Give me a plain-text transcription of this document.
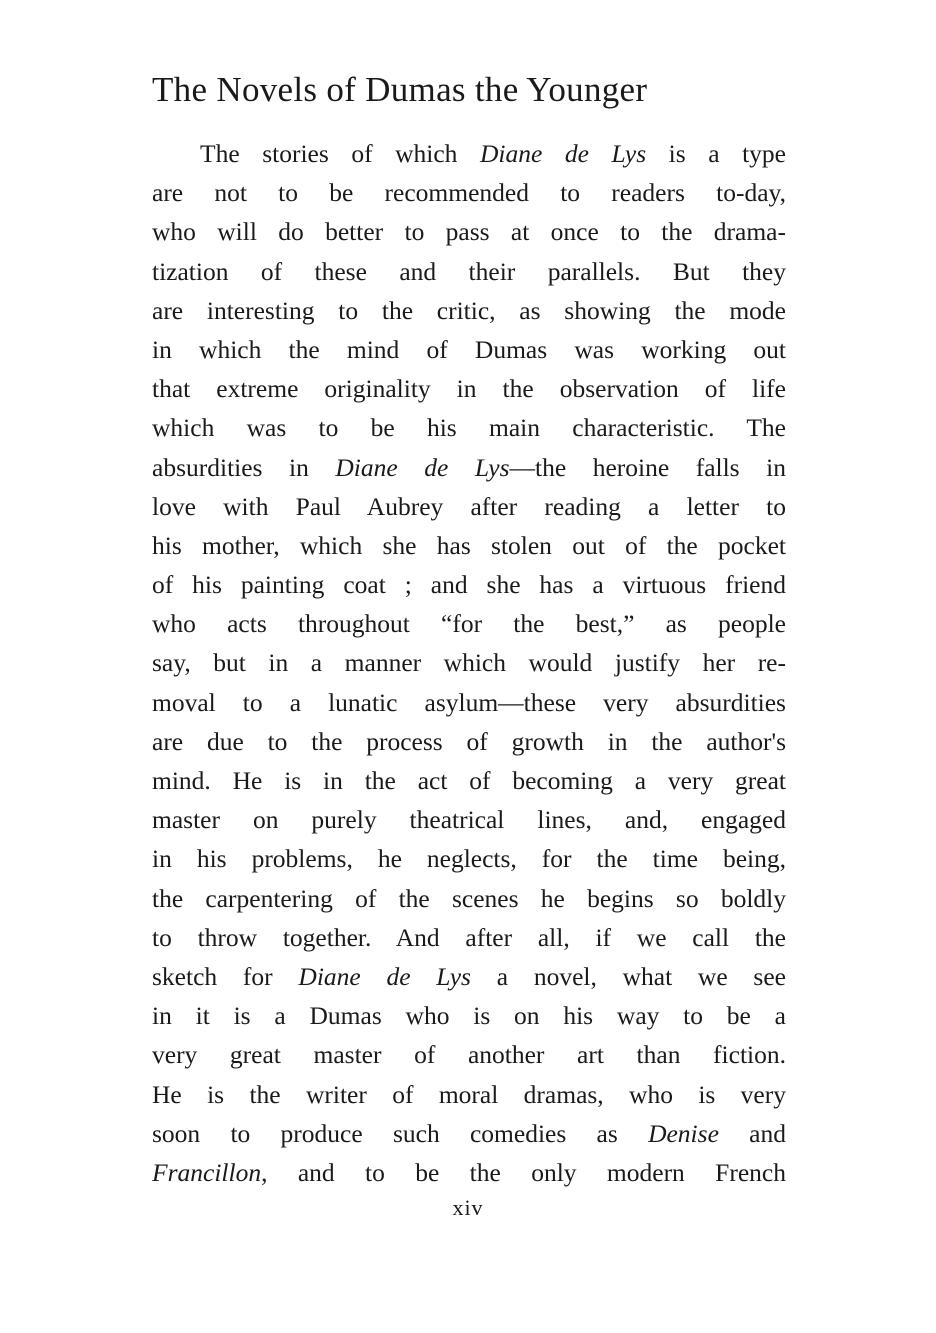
The Novels of Dumas the Younger
The stories of which Diane de Lys is a type
are not to be recommended to readers to-day,
who will do better to pass at once to the drama-
tization of these and their parallels. But they
are interesting to the critic, as showing the mode
in which the mind of Dumas was working out
that extreme originality in the observation of life
which was to be his main characteristic. The
absurdities in Diane de Lys—the heroine falls in
love with Paul Aubrey after reading a letter to
his mother, which she has stolen out of the pocket
of his painting coat ; and she has a virtuous friend
who acts throughout “for the best,” as people
say, but in a manner which would justify her re-
moval to a lunatic asylum—these very absurdities
are due to the process of growth in the author's
mind. He is in the act of becoming a very great
master on purely theatrical lines, and, engaged
in his problems, he neglects, for the time being,
the carpentering of the scenes he begins so boldly
to throw together. And after all, if we call the
sketch for Diane de Lys a novel, what we see
in it is a Dumas who is on his way to be a
very great master of another art than fiction.
He is the writer of moral dramas, who is very
soon to produce such comedies as Denise and
Francillon, and to be the only modern French
xiv
